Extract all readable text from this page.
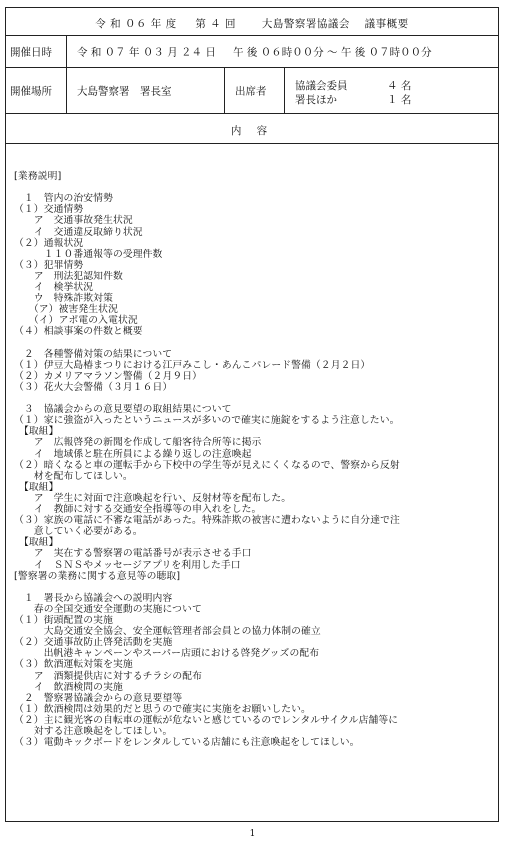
令 和 ０６ 年 度 　 第 ４ 回 　　大島警察署協議会 　議事概要
開催日時 令 和 ０７ 年 ０３ 月 ２４ 日 　 午 後 ０６時００分 〜 午 後 ０７時００分
開催場所 大島警察署　署長室	出席者	協議会委員	４ 名
署長ほか	１ 名
内 容
[業務説明]
　１　管内の治安情勢
（１）交通情勢
　　ア　交通事故発生状況
　　イ　交通違反取締り状況
（２）通報状況
　　　１１０番通報等の受理件数
（３）犯罪情勢
　　ア　刑法犯認知件数
　　イ　検挙状況
　　ウ　特殊詐欺対策
　　（ア）被害発生状況
　　（イ）アポ電の入電状況
（４）相談事案の件数と概要
　２　各種警備対策の結果について
（１）伊豆大島椿まつりにおける江戸みこし・あんこパレード警備（２月２日）
（２）カメリアマラソン警備（２月９日）
（３）花火大会警備（３月１６日）
　３　協議会からの意見要望の取組結果について
（１）家に強盗が入ったというニュースが多いので確実に施錠をするよう注意したい。
　【取組】
　　ア　広報啓発の新聞を作成して船客待合所等に掲示
　　イ　地域係と駐在所員による繰り返しの注意喚起
（２）暗くなると車の運転手から下校中の学生等が見えにくくなるので、警察から反射
　　材を配布してほしい。
　【取組】
　　ア　学生に対面で注意喚起を行い、反射材等を配布した。
　　イ　教師に対する交通安全指導等の申入れをした。
（３）家族の電話に不審な電話があった。特殊詐欺の被害に遭わないように自分達で注
　　意していく必要がある。
　【取組】
　　ア　実在する警察署の電話番号が表示させる手口
　　イ　ＳＮＳやメッセージアプリを利用した手口
[警察署の業務に関する意見等の聴取]
　１　署長から協議会への説明内容
　　春の全国交通安全運動の実施について
（１）街頭配置の実施
　　　大島交通安全協会、安全運転管理者部会員との協力体制の確立
（２）交通事故防止啓発活動を実施
　　　出帆港キャンペーンやスーパー店頭における啓発グッズの配布
（３）飲酒運転対策を実施
　　ア　酒類提供店に対するチラシの配布
　　イ　飲酒検問の実施
　２　警察署協議会からの意見要望等
（１）飲酒検問は効果的だと思うので確実に実施をお願いしたい。
（２）主に観光客の自転車の運転が危ないと感じているのでレンタルサイクル店舗等に
　　対する注意喚起をしてほしい。
（３）電動キックボードをレンタルしている店舗にも注意喚起をしてほしい。
1
